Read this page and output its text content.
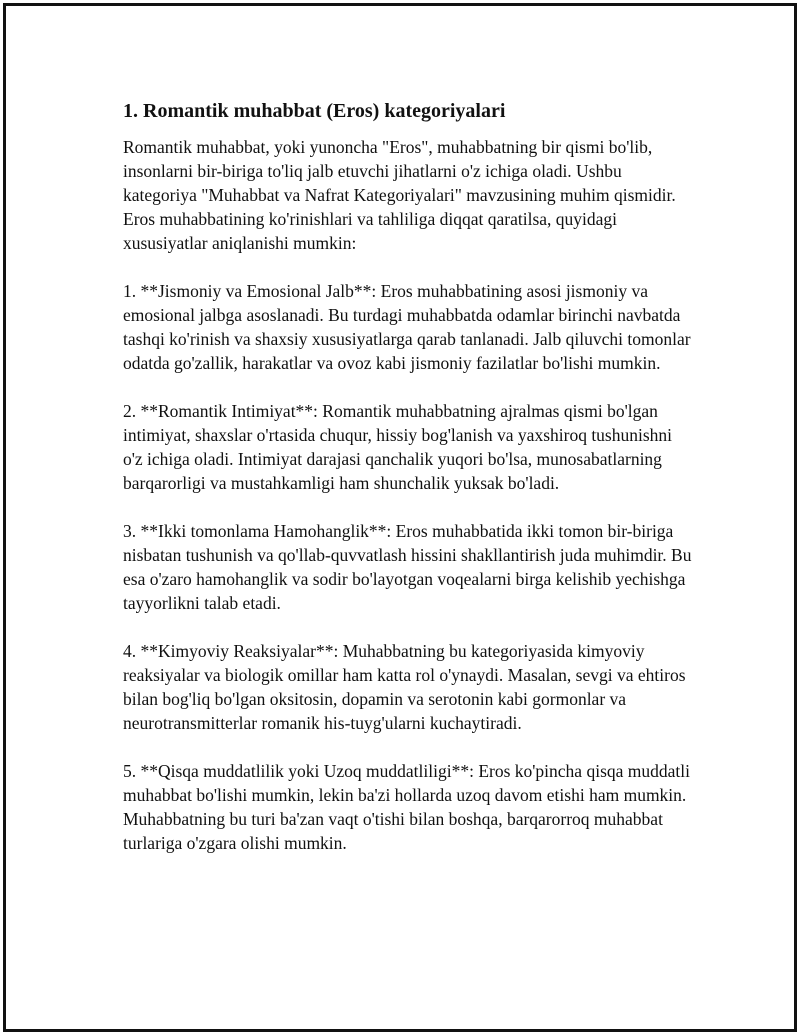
1. Romantik muhabbat (Eros) kategoriyalari

Romantik muhabbat, yoki yunoncha "Eros", muhabbatning bir qismi bo'lib, insonlarni bir-biriga to'liq jalb etuvchi jihatlarni o'z ichiga oladi. Ushbu kategoriya "Muhabbat va Nafrat Kategoriyalari" mavzusining muhim qismidir. Eros muhabbatining ko'rinishlari va tahliliga diqqat qaratilsa, quyidagi xususiyatlar aniqlanishi mumkin:

1. **Jismoniy va Emosional Jalb**: Eros muhabbatining asosi jismoniy va emosional jalbga asoslanadi. Bu turdagi muhabbatda odamlar birinchi navbatda tashqi ko'rinish va shaxsiy xususiyatlarga qarab tanlanadi. Jalb qiluvchi tomonlar odatda go'zallik, harakatlar va ovoz kabi jismoniy fazilatlar bo'lishi mumkin.

2. **Romantik Intimiyat**: Romantik muhabbatning ajralmas qismi bo'lgan intimiyat, shaxslar o'rtasida chuqur, hissiy bog'lanish va yaxshiroq tushunishni o'z ichiga oladi. Intimiyat darajasi qanchalik yuqori bo'lsa, munosabatlarning barqarorligi va mustahkamligi ham shunchalik yuksak bo'ladi.

3. **Ikki tomonlama Hamohanglik**: Eros muhabbatida ikki tomon bir-biriga nisbatan tushunish va qo'llab-quvvatlash hissini shakllantirish juda muhimdir. Bu esa o'zaro hamohanglik va sodir bo'layotgan voqealarni birga kelishib yechishga tayyorlikni talab etadi.

4. **Kimyoviy Reaksiyalar**: Muhabbatning bu kategoriyasida kimyoviy reaksiyalar va biologik omillar ham katta rol o'ynaydi. Masalan, sevgi va ehtiros bilan bog'liq bo'lgan oksitosin, dopamin va serotonin kabi gormonlar va neurotransmitterlar romanik his-tuyg'ularni kuchaytiradi.

5. **Qisqa muddatlilik yoki Uzoq muddatliligi**: Eros ko'pincha qisqa muddatli muhabbat bo'lishi mumkin, lekin ba'zi hollarda uzoq davom etishi ham mumkin. Muhabbatning bu turi ba'zan vaqt o'tishi bilan boshqa, barqarorroq muhabbat turlariga o'zgara olishi mumkin.
